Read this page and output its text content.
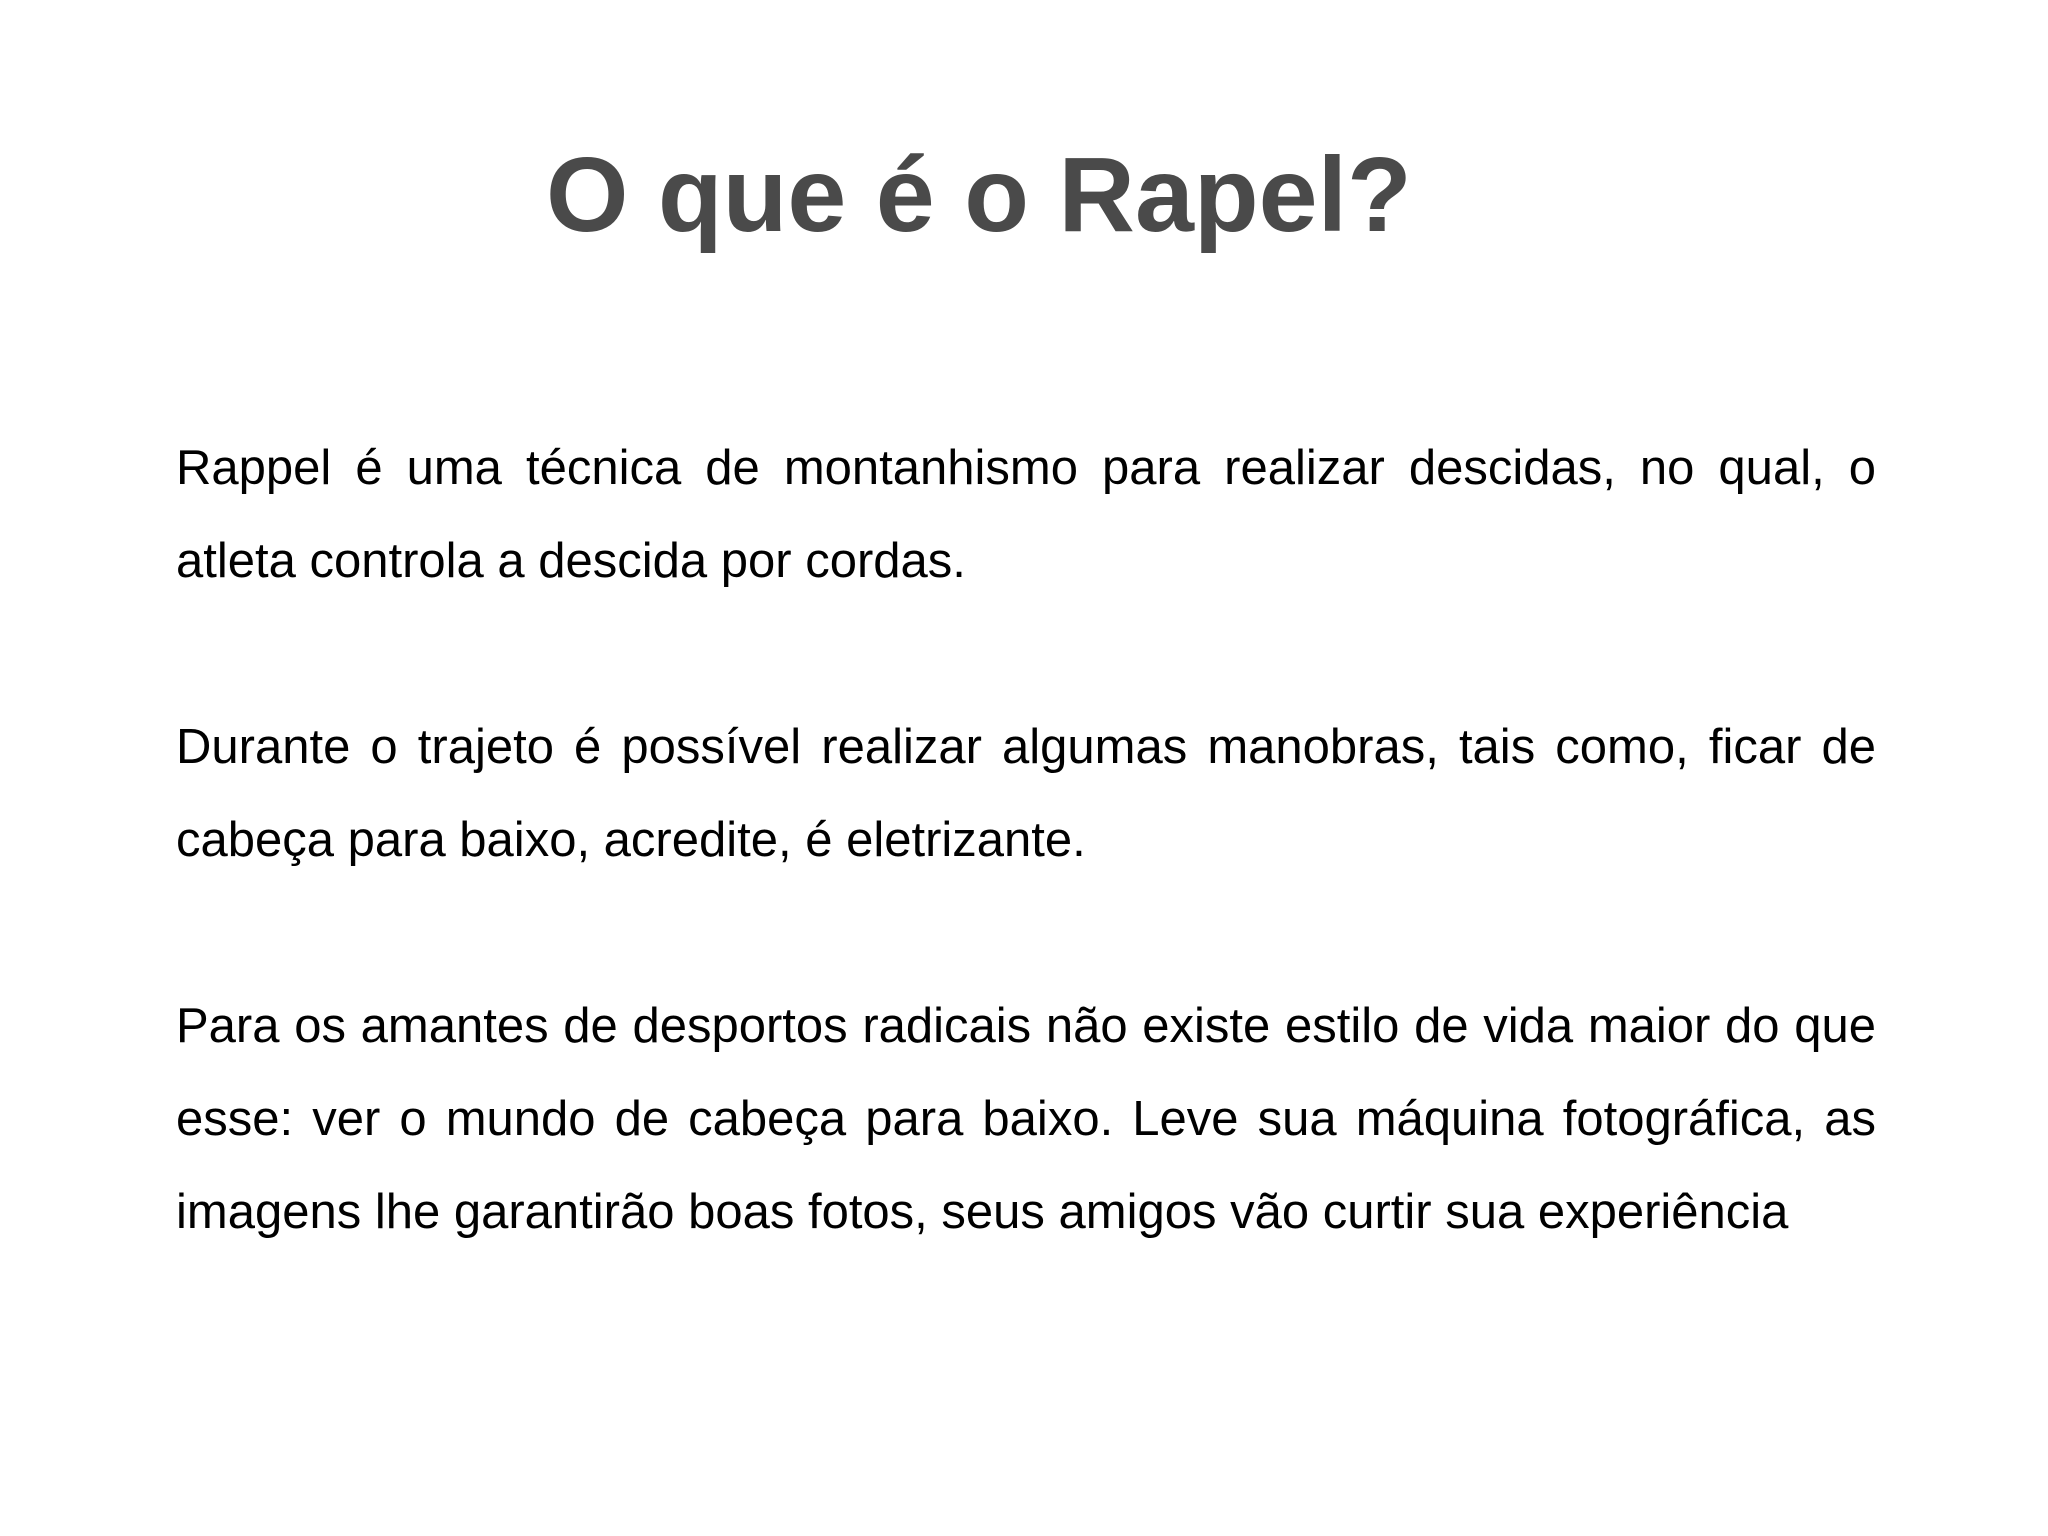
O que é o Rapel?

Rappel é uma técnica de montanhismo para realizar descidas, no qual, o atleta controla a descida por cordas.

Durante o trajeto é possível realizar algumas manobras, tais como, ficar de cabeça para baixo, acredite, é eletrizante.

Para os amantes de desportos radicais não existe estilo de vida maior do que esse: ver o mundo de cabeça para baixo. Leve sua máquina fotográfica, as imagens lhe garantirão boas fotos, seus amigos vão curtir sua experiência
